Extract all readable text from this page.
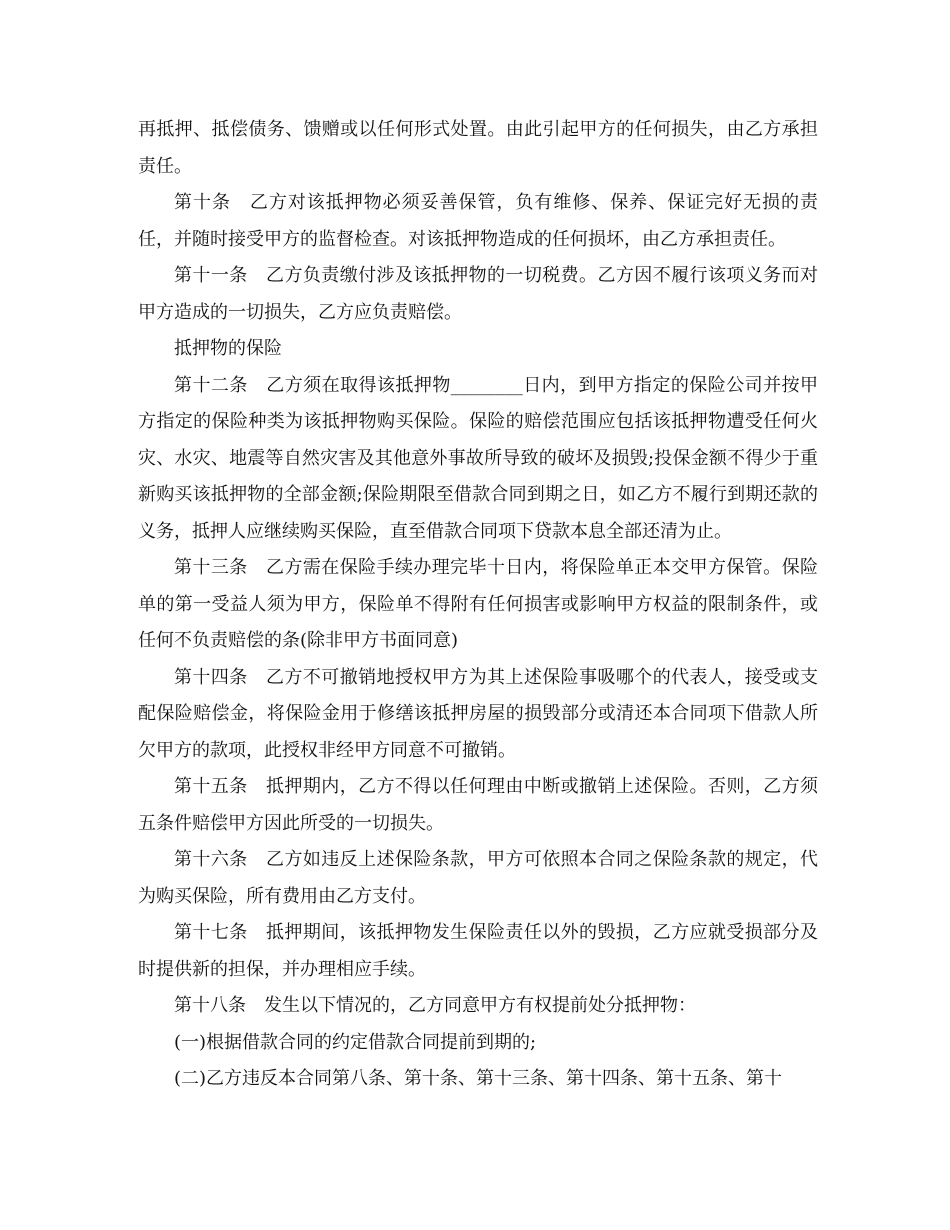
再抵押、抵偿债务、馈赠或以任何形式处置。由此引起甲方的任何损失，由乙方承担责任。

第十条　乙方对该抵押物必须妥善保管，负有维修、保养、保证完好无损的责任，并随时接受甲方的监督检查。对该抵押物造成的任何损坏，由乙方承担责任。

第十一条　乙方负责缴付涉及该抵押物的一切税费。乙方因不履行该项义务而对甲方造成的一切损失，乙方应负责赔偿。

抵押物的保险

第十二条　乙方须在取得该抵押物________日内，到甲方指定的保险公司并按甲方指定的保险种类为该抵押物购买保险。保险的赔偿范围应包括该抵押物遭受任何火灾、水灾、地震等自然灾害及其他意外事故所导致的破坏及损毁;投保金额不得少于重新购买该抵押物的全部金额;保险期限至借款合同到期之日，如乙方不履行到期还款的义务，抵押人应继续购买保险，直至借款合同项下贷款本息全部还清为止。

第十三条　乙方需在保险手续办理完毕十日内，将保险单正本交甲方保管。保险单的第一受益人须为甲方，保险单不得附有任何损害或影响甲方权益的限制条件，或任何不负责赔偿的条(除非甲方书面同意)

第十四条　乙方不可撤销地授权甲方为其上述保险事吸哪个的代表人，接受或支配保险赔偿金，将保险金用于修缮该抵押房屋的损毁部分或清还本合同项下借款人所欠甲方的款项，此授权非经甲方同意不可撤销。

第十五条　抵押期内，乙方不得以任何理由中断或撤销上述保险。否则，乙方须五条件赔偿甲方因此所受的一切损失。

第十六条　乙方如违反上述保险条款，甲方可依照本合同之保险条款的规定，代为购买保险，所有费用由乙方支付。

第十七条　抵押期间，该抵押物发生保险责任以外的毁损，乙方应就受损部分及时提供新的担保，并办理相应手续。

第十八条　发生以下情况的，乙方同意甲方有权提前处分抵押物：

(一)根据借款合同的约定借款合同提前到期的;

(二)乙方违反本合同第八条、第十条、第十三条、第十四条、第十五条、第十
